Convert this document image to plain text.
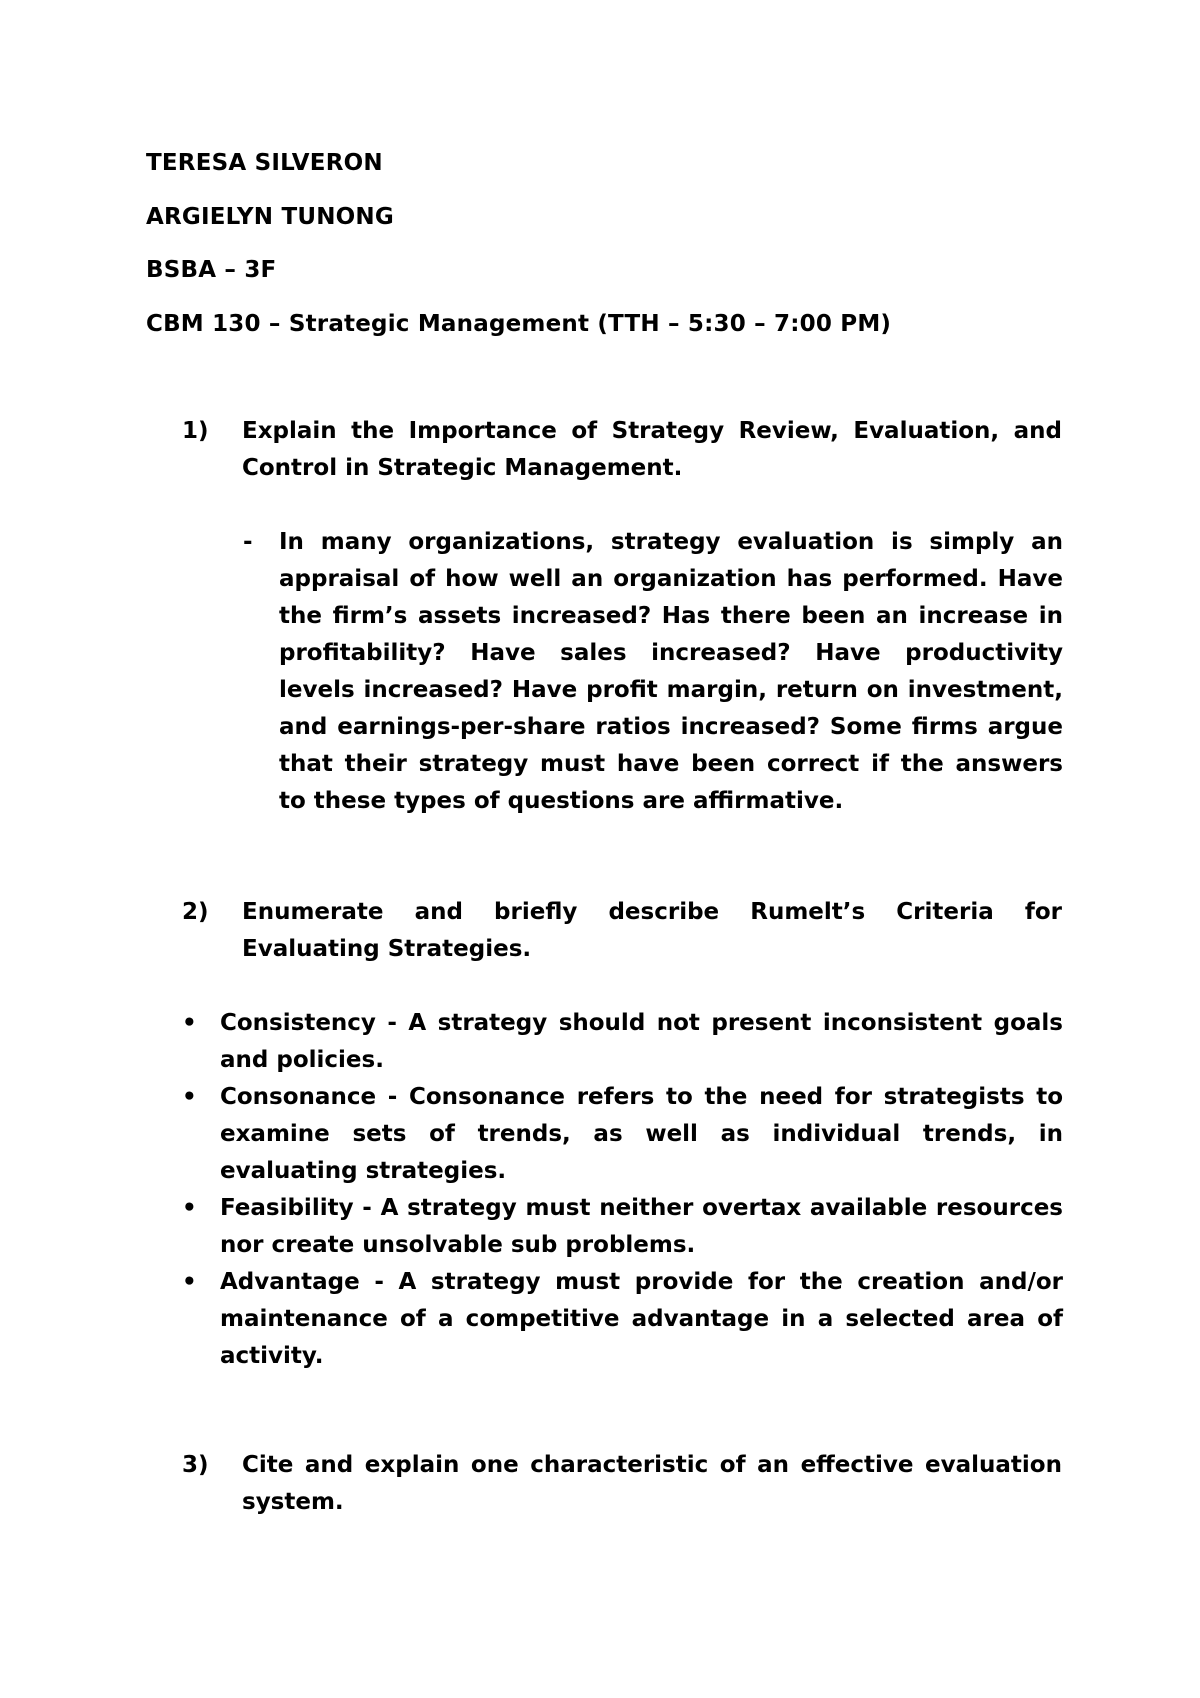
TERESA SILVERON
ARGIELYN TUNONG
BSBA – 3F
CBM 130 – Strategic Management (TTH – 5:30 – 7:00 PM)
1) Explain the Importance of Strategy Review, Evaluation, and Control in Strategic Management.
- In many organizations, strategy evaluation is simply an appraisal of how well an organization has performed. Have the firm’s assets increased? Has there been an increase in profitability? Have sales increased? Have productivity levels increased? Have profit margin, return on investment, and earnings-per-share ratios increased? Some firms argue that their strategy must have been correct if the answers to these types of questions are affirmative.
2) Enumerate and briefly describe Rumelt’s Criteria for Evaluating Strategies.
• Consistency - A strategy should not present inconsistent goals and policies.
• Consonance - Consonance refers to the need for strategists to examine sets of trends, as well as individual trends, in evaluating strategies.
• Feasibility - A strategy must neither overtax available resources nor create unsolvable sub problems.
• Advantage - A strategy must provide for the creation and/or maintenance of a competitive advantage in a selected area of activity.
3) Cite and explain one characteristic of an effective evaluation system.
